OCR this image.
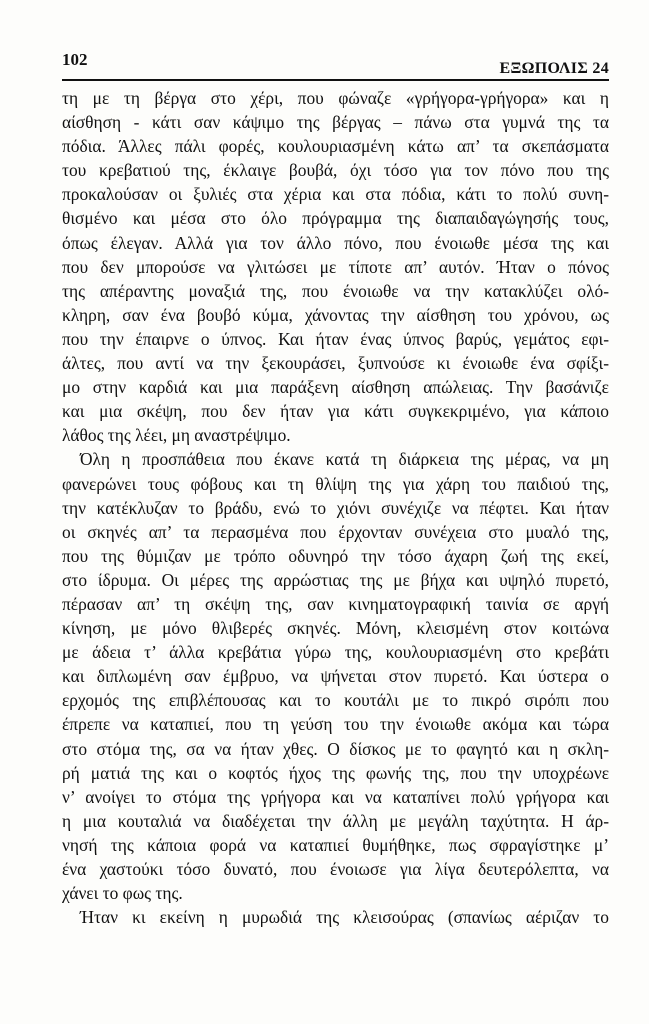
102	ΕΞΩΠΟΛΙΣ 24
τη με τη βέργα στο χέρι, που φώναζε «γρήγορα-γρήγορα» και η
αίσθηση - κάτι σαν κάψιμο της βέργας – πάνω στα γυμνά της τα
πόδια. Άλλες πάλι φορές, κουλουριασμένη κάτω απ’ τα σκεπάσματα
του κρεβατιού της, έκλαιγε βουβά, όχι τόσο για τον πόνο που της
προκαλούσαν οι ξυλιές στα χέρια και στα πόδια, κάτι το πολύ συνη-
θισμένο και μέσα στο όλο πρόγραμμα της διαπαιδαγώγησής τους,
όπως έλεγαν. Αλλά για τον άλλο πόνο, που ένοιωθε μέσα της και
που δεν μπορούσε να γλιτώσει με τίποτε απ’ αυτόν. Ήταν ο πόνος
της απέραντης μοναξιά της, που ένοιωθε να την κατακλύζει ολό-
κληρη, σαν ένα βουβό κύμα, χάνοντας την αίσθηση του χρόνου, ως
που την έπαιρνε ο ύπνος. Και ήταν ένας ύπνος βαρύς, γεμάτος εφι-
άλτες, που αντί να την ξεκουράσει, ξυπνούσε κι ένοιωθε ένα σφίξι-
μο στην καρδιά και μια παράξενη αίσθηση απώλειας. Την βασάνιζε
και μια σκέψη, που δεν ήταν για κάτι συγκεκριμένο, για κάποιο
λάθος της λέει, μη αναστρέψιμο.
Όλη η προσπάθεια που έκανε κατά τη διάρκεια της μέρας, να μη
φανερώνει τους φόβους και τη θλίψη της για χάρη του παιδιού της,
την κατέκλυζαν το βράδυ, ενώ το χιόνι συνέχιζε να πέφτει. Και ήταν
οι σκηνές απ’ τα περασμένα που έρχονταν συνέχεια στο μυαλό της,
που της θύμιζαν με τρόπο οδυνηρό την τόσο άχαρη ζωή της εκεί,
στο ίδρυμα. Οι μέρες της αρρώστιας της με βήχα και υψηλό πυρετό,
πέρασαν απ’ τη σκέψη της, σαν κινηματογραφική ταινία σε αργή
κίνηση, με μόνο θλιβερές σκηνές. Μόνη, κλεισμένη στον κοιτώνα
με άδεια τ’ άλλα κρεβάτια γύρω της, κουλουριασμένη στο κρεβάτι
και διπλωμένη σαν έμβρυο, να ψήνεται στον πυρετό. Και ύστερα ο
ερχομός της επιβλέπουσας και το κουτάλι με το πικρό σιρόπι που
έπρεπε να καταπιεί, που τη γεύση του την ένοιωθε ακόμα και τώρα
στο στόμα της, σα να ήταν χθες. Ο δίσκος με το φαγητό και η σκλη-
ρή ματιά της και ο κοφτός ήχος της φωνής της, που την υποχρέωνε
ν’ ανοίγει το στόμα της γρήγορα και να καταπίνει πολύ γρήγορα και
η μια κουταλιά να διαδέχεται την άλλη με μεγάλη ταχύτητα. Η άρ-
νησή της κάποια φορά να καταπιεί θυμήθηκε, πως σφραγίστηκε μ’
ένα χαστούκι τόσο δυνατό, που ένοιωσε για λίγα δευτερόλεπτα, να
χάνει το φως της.
Ήταν κι εκείνη η μυρωδιά της κλεισούρας (σπανίως αέριζαν το
